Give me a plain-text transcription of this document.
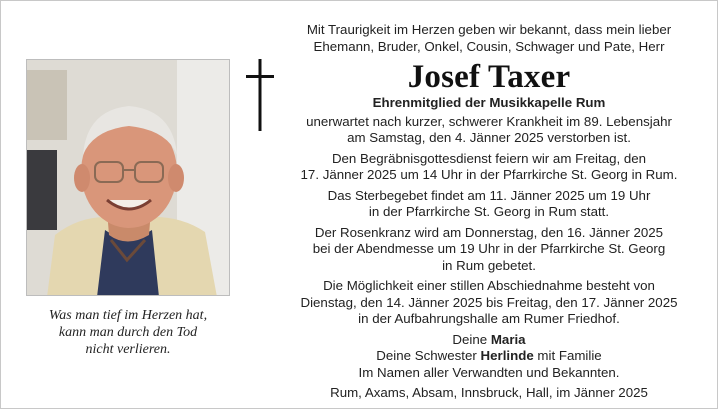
Was man tief im Herzen hat,
kann man durch den Tod
nicht verlieren.
Mit Traurigkeit im Herzen geben wir bekannt, dass mein lieber
Ehemann, Bruder, Onkel, Cousin, Schwager und Pate, Herr
Josef Taxer
Ehrenmitglied der Musikkapelle Rum
unerwartet nach kurzer, schwerer Krankheit im 89. Lebensjahr
am Samstag, den 4. Jänner 2025 verstorben ist.
Den Begräbnisgottesdienst feiern wir am Freitag, den
17. Jänner 2025 um 14 Uhr in der Pfarrkirche St. Georg in Rum.
Das Sterbegebet findet am 11. Jänner 2025 um 19 Uhr
in der Pfarrkirche St. Georg in Rum statt.
Der Rosenkranz wird am Donnerstag, den 16. Jänner 2025
bei der Abendmesse um 19 Uhr in der Pfarrkirche St. Georg
in Rum gebetet.
Die Möglichkeit einer stillen Abschiednahme besteht von
Dienstag, den 14. Jänner 2025 bis Freitag, den 17. Jänner 2025
in der Aufbahrungshalle am Rumer Friedhof.
Deine Maria
Deine Schwester Herlinde mit Familie
Im Namen aller Verwandten und Bekannten.
Rum, Axams, Absam, Innsbruck, Hall, im Jänner 2025
